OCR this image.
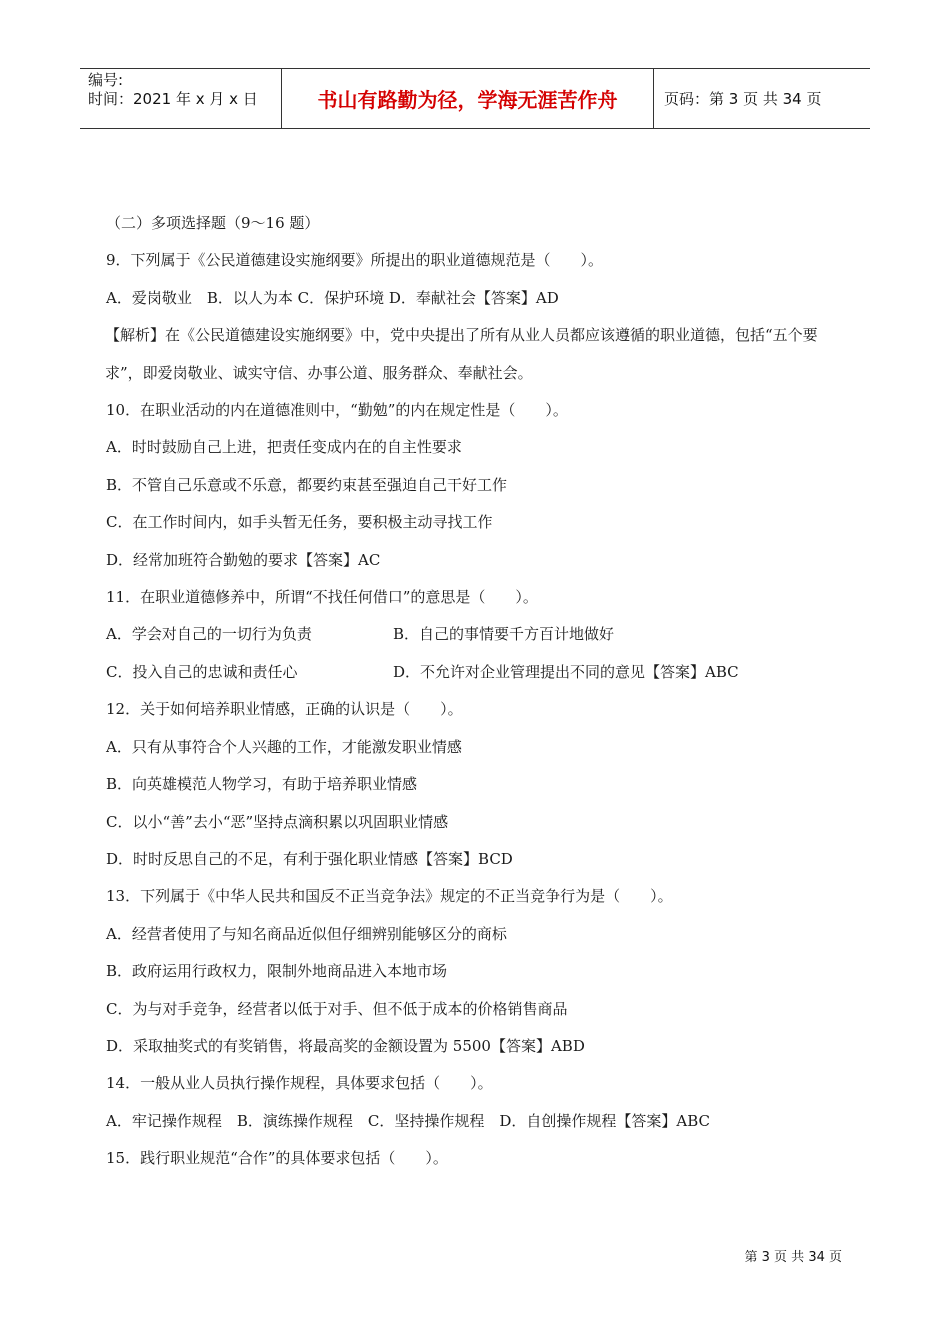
编号:
时间：2021 年 x 月 x 日	书山有路勤为径，学海无涯苦作舟	页码：第 3 页 共 34 页
（二）多项选择题（9～16 题）
9．下列属于《公民道德建设实施纲要》所提出的职业道德规范是（　　）。
A．爱岗敬业　B．以人为本 C．保护环境 D．奉献社会【答案】AD
【解析】在《公民道德建设实施纲要》中，党中央提出了所有从业人员都应该遵循的职业道德，包括“五个要求”，即爱岗敬业、诚实守信、办事公道、服务群众、奉献社会。
10．在职业活动的内在道德准则中，“勤勉”的内在规定性是（　　）。
A．时时鼓励自己上进，把责任变成内在的自主性要求
B．不管自己乐意或不乐意，都要约束甚至强迫自己干好工作
C．在工作时间内，如手头暂无任务，要积极主动寻找工作
D．经常加班符合勤勉的要求【答案】AC
11．在职业道德修养中，所谓“不找任何借口”的意思是（　　）。
A．学会对自己的一切行为负责	B．自己的事情要千方百计地做好
C．投入自己的忠诚和责任心	D．不允许对企业管理提出不同的意见【答案】ABC
12．关于如何培养职业情感，正确的认识是（　　）。
A．只有从事符合个人兴趣的工作，才能激发职业情感
B．向英雄模范人物学习，有助于培养职业情感
C．以小“善”去小“恶”坚持点滴积累以巩固职业情感
D．时时反思自己的不足，有利于强化职业情感【答案】BCD
13．下列属于《中华人民共和国反不正当竞争法》规定的不正当竞争行为是（　　）。
A．经营者使用了与知名商品近似但仔细辨别能够区分的商标
B．政府运用行政权力，限制外地商品进入本地市场
C．为与对手竞争，经营者以低于对手、但不低于成本的价格销售商品
D．采取抽奖式的有奖销售，将最高奖的金额设置为 5500【答案】ABD
14．一般从业人员执行操作规程，具体要求包括（　　）。
A．牢记操作规程　B．演练操作规程　C．坚持操作规程　D．自创操作规程【答案】ABC
15．践行职业规范“合作”的具体要求包括（　　）。
第 3 页 共 34 页
